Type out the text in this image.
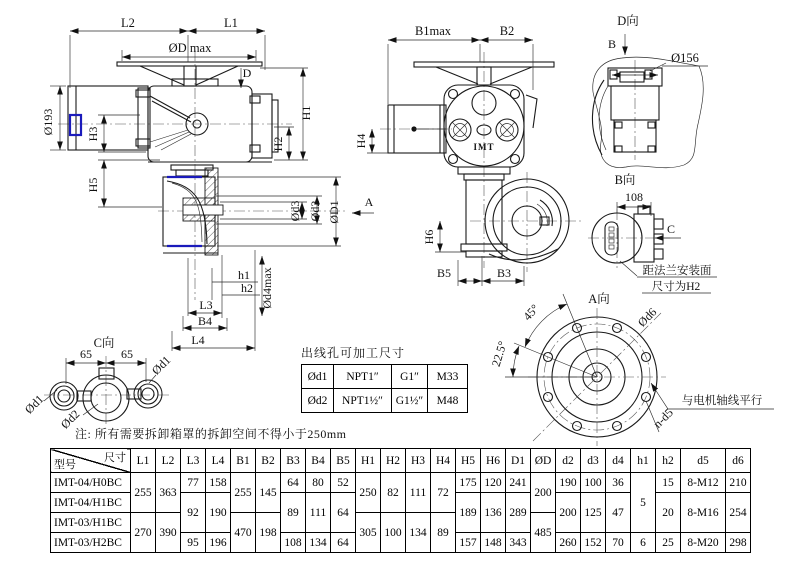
L2	L1
ØD max
D
Ø193	H3
H5
H1
H2
Ød3 Ød2 ØD1 A
h1
h2 Ød4max
L3
B4
L4
C向
65 65
Ød1
Ød2
Ød1
IMT
B1max	B2
H4
H6
B5	B3
D向
B
Ø156
B向
108
C
距法兰安装面
尺寸为H2
A向
45°
22.5°
Ød6
n-d5
与电机轴线平行
出线孔可加工尺寸
Ød1	NPT1″	G1″	M33
Ød2	NPT1½″	G1½″	M48
注: 所有需要拆卸箱罩的拆卸空间不得小于250mm
尺寸
型号	L1	L2	L3	L4	B1	B2	B3	B4	B5	H1	H2	H3	H4	H5	H6	D1	ØD	d2	d3	d4	h1	h2	d5	d6
IMT-04/H0BC	255	363	77	158	255	145	64	80	52	250	82	111	72	175	120	241	200	190	100	36	5	15	8-M12	210
IMT-04/H1BC			92	190			89	111	64					189	136	289		200	125	47		20	8-M16	254
IMT-03/H1BC	270	390			470	198				305	100	134	89				485							
IMT-03/H2BC			95	196			108	134	64					157	148	343		260	152	70	6	25	8-M20	298
